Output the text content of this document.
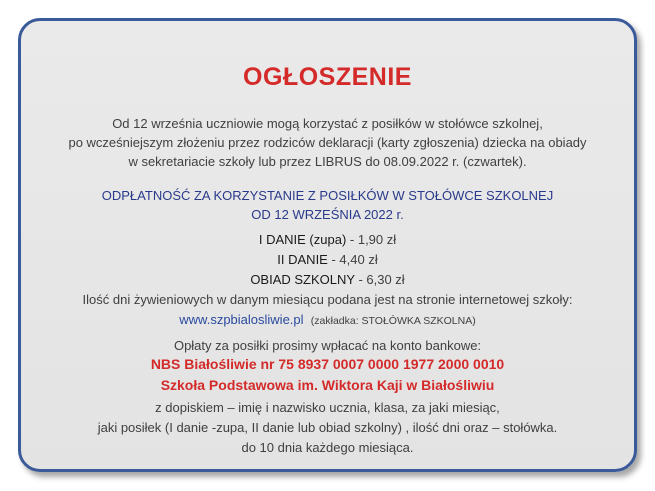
OGŁOSZENIE
Od 12 września uczniowie mogą korzystać z posiłków w stołówce szkolnej,
po wcześniejszym złożeniu przez rodziców deklaracji (karty zgłoszenia) dziecka na obiady
w sekretariacie szkoły lub przez LIBRUS do 08.09.2022 r. (czwartek).
ODPŁATNOŚĆ ZA KORZYSTANIE Z POSIŁKÓW W STOŁÓWCE SZKOLNEJ
OD 12 WRZEŚNIA 2022 r.
I DANIE (zupa) - 1,90 zł
II DANIE - 4,40 zł
OBIAD SZKOLNY - 6,30 zł
Ilość dni żywieniowych w danym miesiącu podana jest na stronie internetowej szkoły:
www.szpbialosliwie.pl (zakładka: STOŁÓWKA SZKOLNA)
Opłaty za posiłki prosimy wpłacać na konto bankowe:
NBS Białośliwie nr 75 8937 0007 0000 1977 2000 0010
Szkoła Podstawowa im. Wiktora Kaji w Białośliwiu
z dopiskiem – imię i nazwisko ucznia, klasa, za jaki miesiąc,
jaki posiłek (I danie -zupa, II danie lub obiad szkolny) , ilość dni oraz – stołówka.
do 10 dnia każdego miesiąca.
